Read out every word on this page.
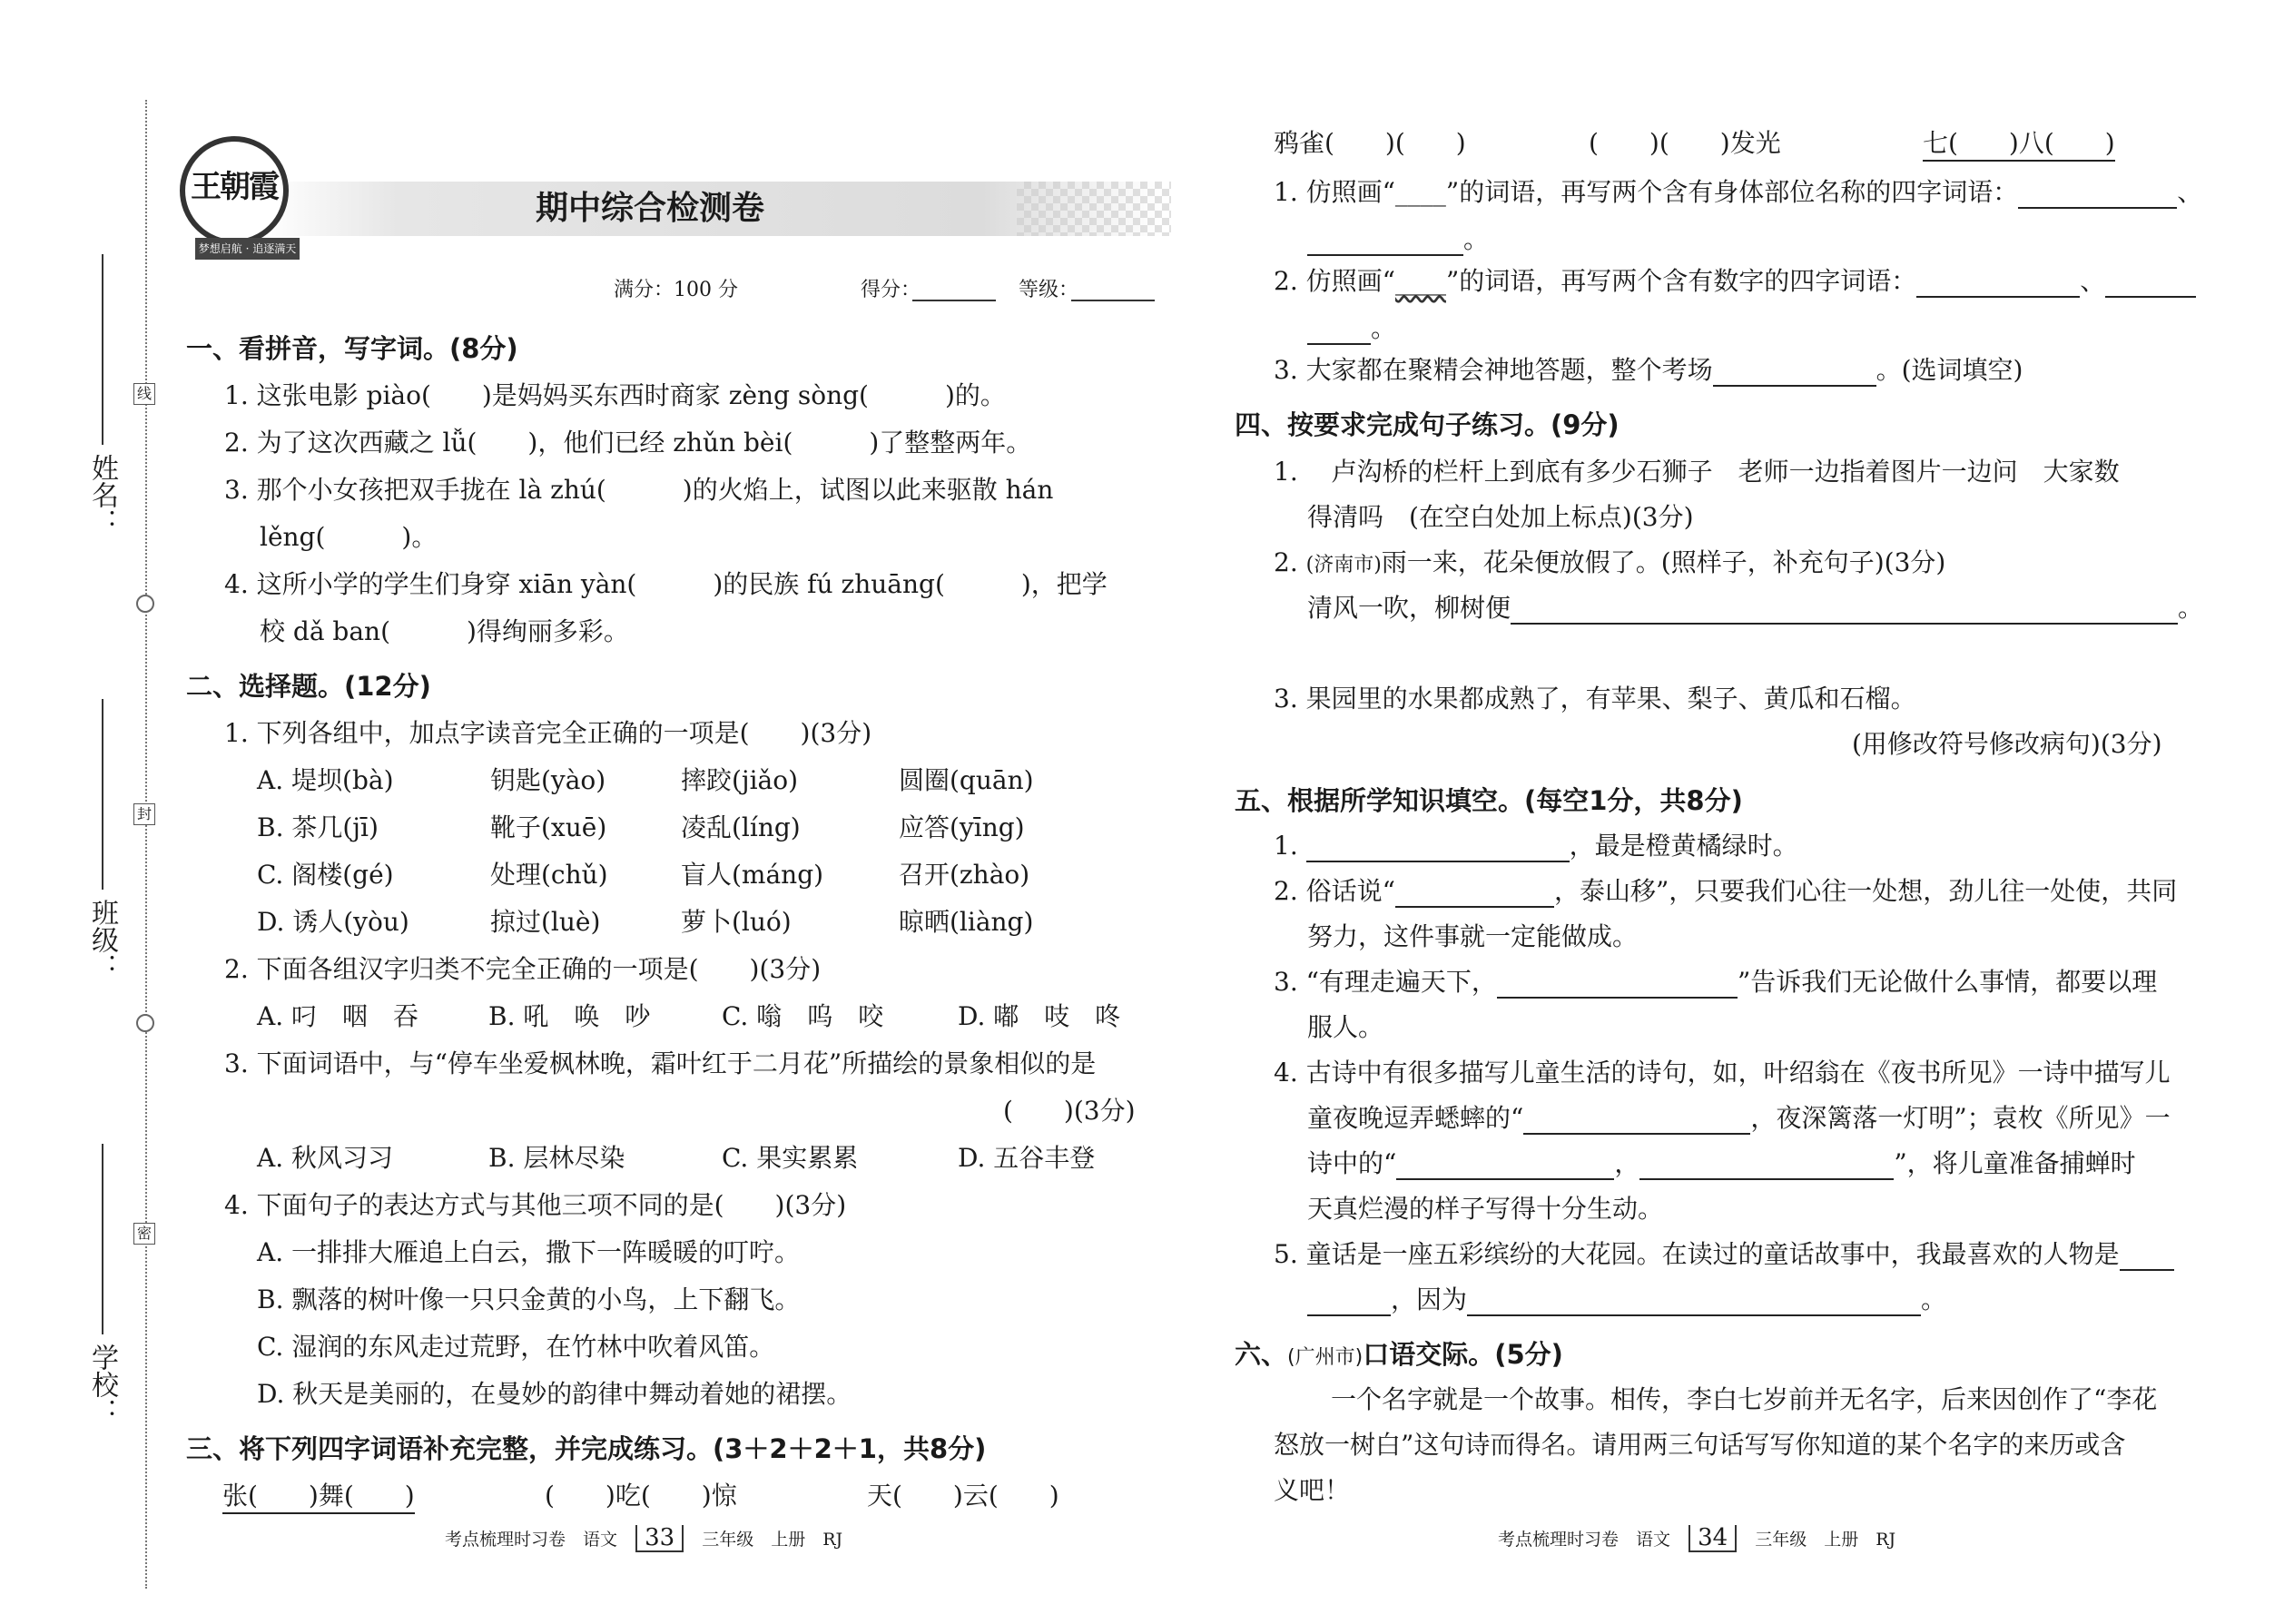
线
封
密
姓名：
班级：
学校：
王朝霞
梦想启航 · 追逐满天
期中综合检测卷
满分：100 分	得分：	等级：
一、看拼音，写字词。(8分)
1. 这张电影 piào(　　)是妈妈买东西时商家 zèng sòng(　　　)的。
2. 为了这次西藏之 lǚ(　　)，他们已经 zhǔn bèi(　　　)了整整两年。
3. 那个小女孩把双手拢在 là zhú(　　　)的火焰上，试图以此来驱散 hán
lěng(　　　)。
4. 这所小学的学生们身穿 xiān yàn(　　　)的民族 fú zhuāng(　　　)，把学
校 dǎ ban(　　　)得绚丽多彩。
二、选择题。(12分)
1. 下列各组中，加点字读音完全正确的一项是(　　)(3分)
A. 堤坝(bà)	钥匙(yào)	摔跤(jiǎo)	圆圈(quān)
B. 茶几(jī)	靴子(xuē)	凌乱(líng)	应答(yīng)
C. 阁楼(gé)	处理(chǔ)	盲人(máng)	召开(zhào)
D. 诱人(yòu)	掠过(luè)	萝卜(luó)	晾晒(liàng)
2. 下面各组汉字归类不完全正确的一项是(　　)(3分)
A. 叼　咽　吞	B. 吼　唤　吵	C. 嗡　呜　咬	D. 嘟　吱　咚
3. 下面词语中，与“停车坐爱枫林晚，霜叶红于二月花”所描绘的景象相似的是
(　　)(3分)
A. 秋风习习	B. 层林尽染	C. 果实累累	D. 五谷丰登
4. 下面句子的表达方式与其他三项不同的是(　　)(3分)
A. 一排排大雁追上白云，撒下一阵暖暖的叮咛。
B. 飘落的树叶像一只只金黄的小鸟，上下翻飞。
C. 湿润的东风走过荒野，在竹林中吹着风笛。
D. 秋天是美丽的，在曼妙的韵律中舞动着她的裙摆。
三、将下列四字词语补充完整，并完成练习。(3＋2＋2＋1，共8分)
张(　　)舞(　　)	(　　)吃(　　)惊	天(　　)云(　　)
考点梳理时习卷　语文 33 三年级　上册　RJ
鸦雀(　　)(　　)	(　　)(　　)发光	七(　　)八(　　)
1. 仿照画“____”的词语，再写两个含有身体部位名称的四字词语：	、
。
2. 仿照画“____”的词语，再写两个含有数字的四字词语：	、
。
3. 大家都在聚精会神地答题，整个考场	。(选词填空)
四、按要求完成句子练习。(9分)
1. 　卢沟桥的栏杆上到底有多少石狮子　老师一边指着图片一边问　大家数
得清吗　(在空白处加上标点)(3分)
2. (济南市)雨一来，花朵便放假了。(照样子，补充句子)(3分)
清风一吹，柳树便	。
3. 果园里的水果都成熟了，有苹果、梨子、黄瓜和石榴。
(用修改符号修改病句)(3分)
五、根据所学知识填空。(每空1分，共8分)
1.	，最是橙黄橘绿时。
2. 俗话说“	，泰山移”，只要我们心往一处想，劲儿往一处使，共同
努力，这件事就一定能做成。
3. “有理走遍天下，	”告诉我们无论做什么事情，都要以理
服人。
4. 古诗中有很多描写儿童生活的诗句，如，叶绍翁在《夜书所见》一诗中描写儿
童夜晚逗弄蟋蟀的“	，夜深篱落一灯明”；袁枚《所见》一
诗中的“	，	”，将儿童准备捕蝉时
天真烂漫的样子写得十分生动。
5. 童话是一座五彩缤纷的大花园。在读过的童话故事中，我最喜欢的人物是
，因为	。
六、(广州市)口语交际。(5分)
一个名字就是一个故事。相传，李白七岁前并无名字，后来因创作了“李花
怒放一树白”这句诗而得名。请用两三句话写写你知道的某个名字的来历或含
义吧！
考点梳理时习卷　语文 34 三年级　上册　RJ
